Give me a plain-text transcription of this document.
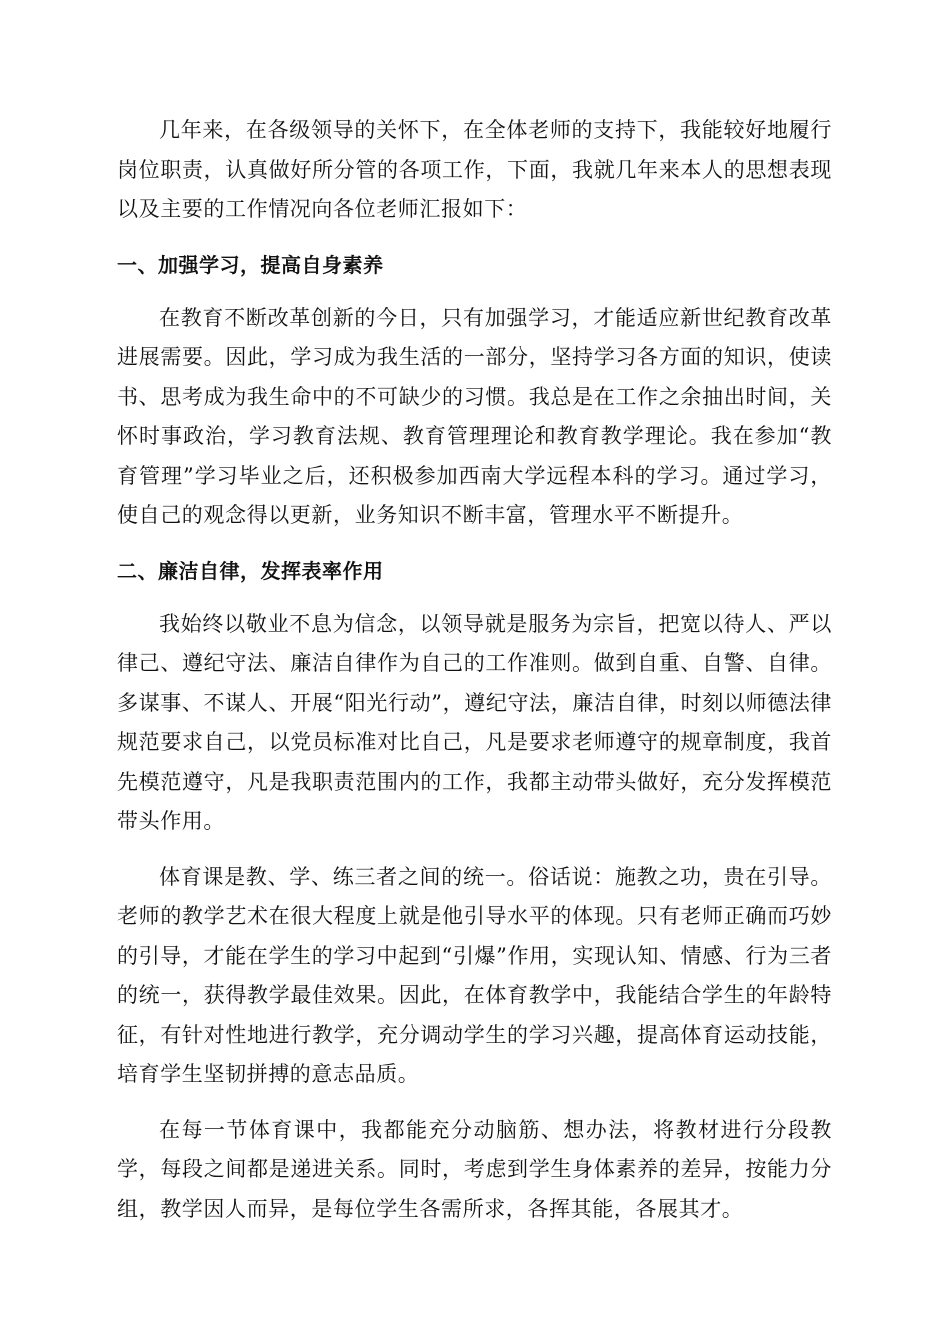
几年来，在各级领导的关怀下，在全体老师的支持下，我能较好地履行岗位职责，认真做好所分管的各项工作，下面，我就几年来本人的思想表现以及主要的工作情况向各位老师汇报如下：

一、加强学习，提高自身素养

在教育不断改革创新的今日，只有加强学习，才能适应新世纪教育改革进展需要。因此，学习成为我生活的一部分，坚持学习各方面的知识，使读书、思考成为我生命中的不可缺少的习惯。我总是在工作之余抽出时间，关怀时事政治，学习教育法规、教育管理理论和教育教学理论。我在参加“教育管理”学习毕业之后，还积极参加西南大学远程本科的学习。通过学习，使自己的观念得以更新，业务知识不断丰富，管理水平不断提升。

二、廉洁自律，发挥表率作用

我始终以敬业不息为信念，以领导就是服务为宗旨，把宽以待人、严以律己、遵纪守法、廉洁自律作为自己的工作准则。做到自重、自警、自律。多谋事、不谋人、开展“阳光行动”，遵纪守法，廉洁自律，时刻以师德法律规范要求自己，以党员标准对比自己，凡是要求老师遵守的规章制度，我首先模范遵守，凡是我职责范围内的工作，我都主动带头做好，充分发挥模范带头作用。

体育课是教、学、练三者之间的统一。俗话说：施教之功，贵在引导。老师的教学艺术在很大程度上就是他引导水平的体现。只有老师正确而巧妙的引导，才能在学生的学习中起到“引爆”作用，实现认知、情感、行为三者的统一，获得教学最佳效果。因此，在体育教学中，我能结合学生的年龄特征，有针对性地进行教学，充分调动学生的学习兴趣，提高体育运动技能，培育学生坚韧拼搏的意志品质。

在每一节体育课中，我都能充分动脑筋、想办法，将教材进行分段教学，每段之间都是递进关系。同时，考虑到学生身体素养的差异，按能力分组，教学因人而异，是每位学生各需所求，各挥其能，各展其才。
